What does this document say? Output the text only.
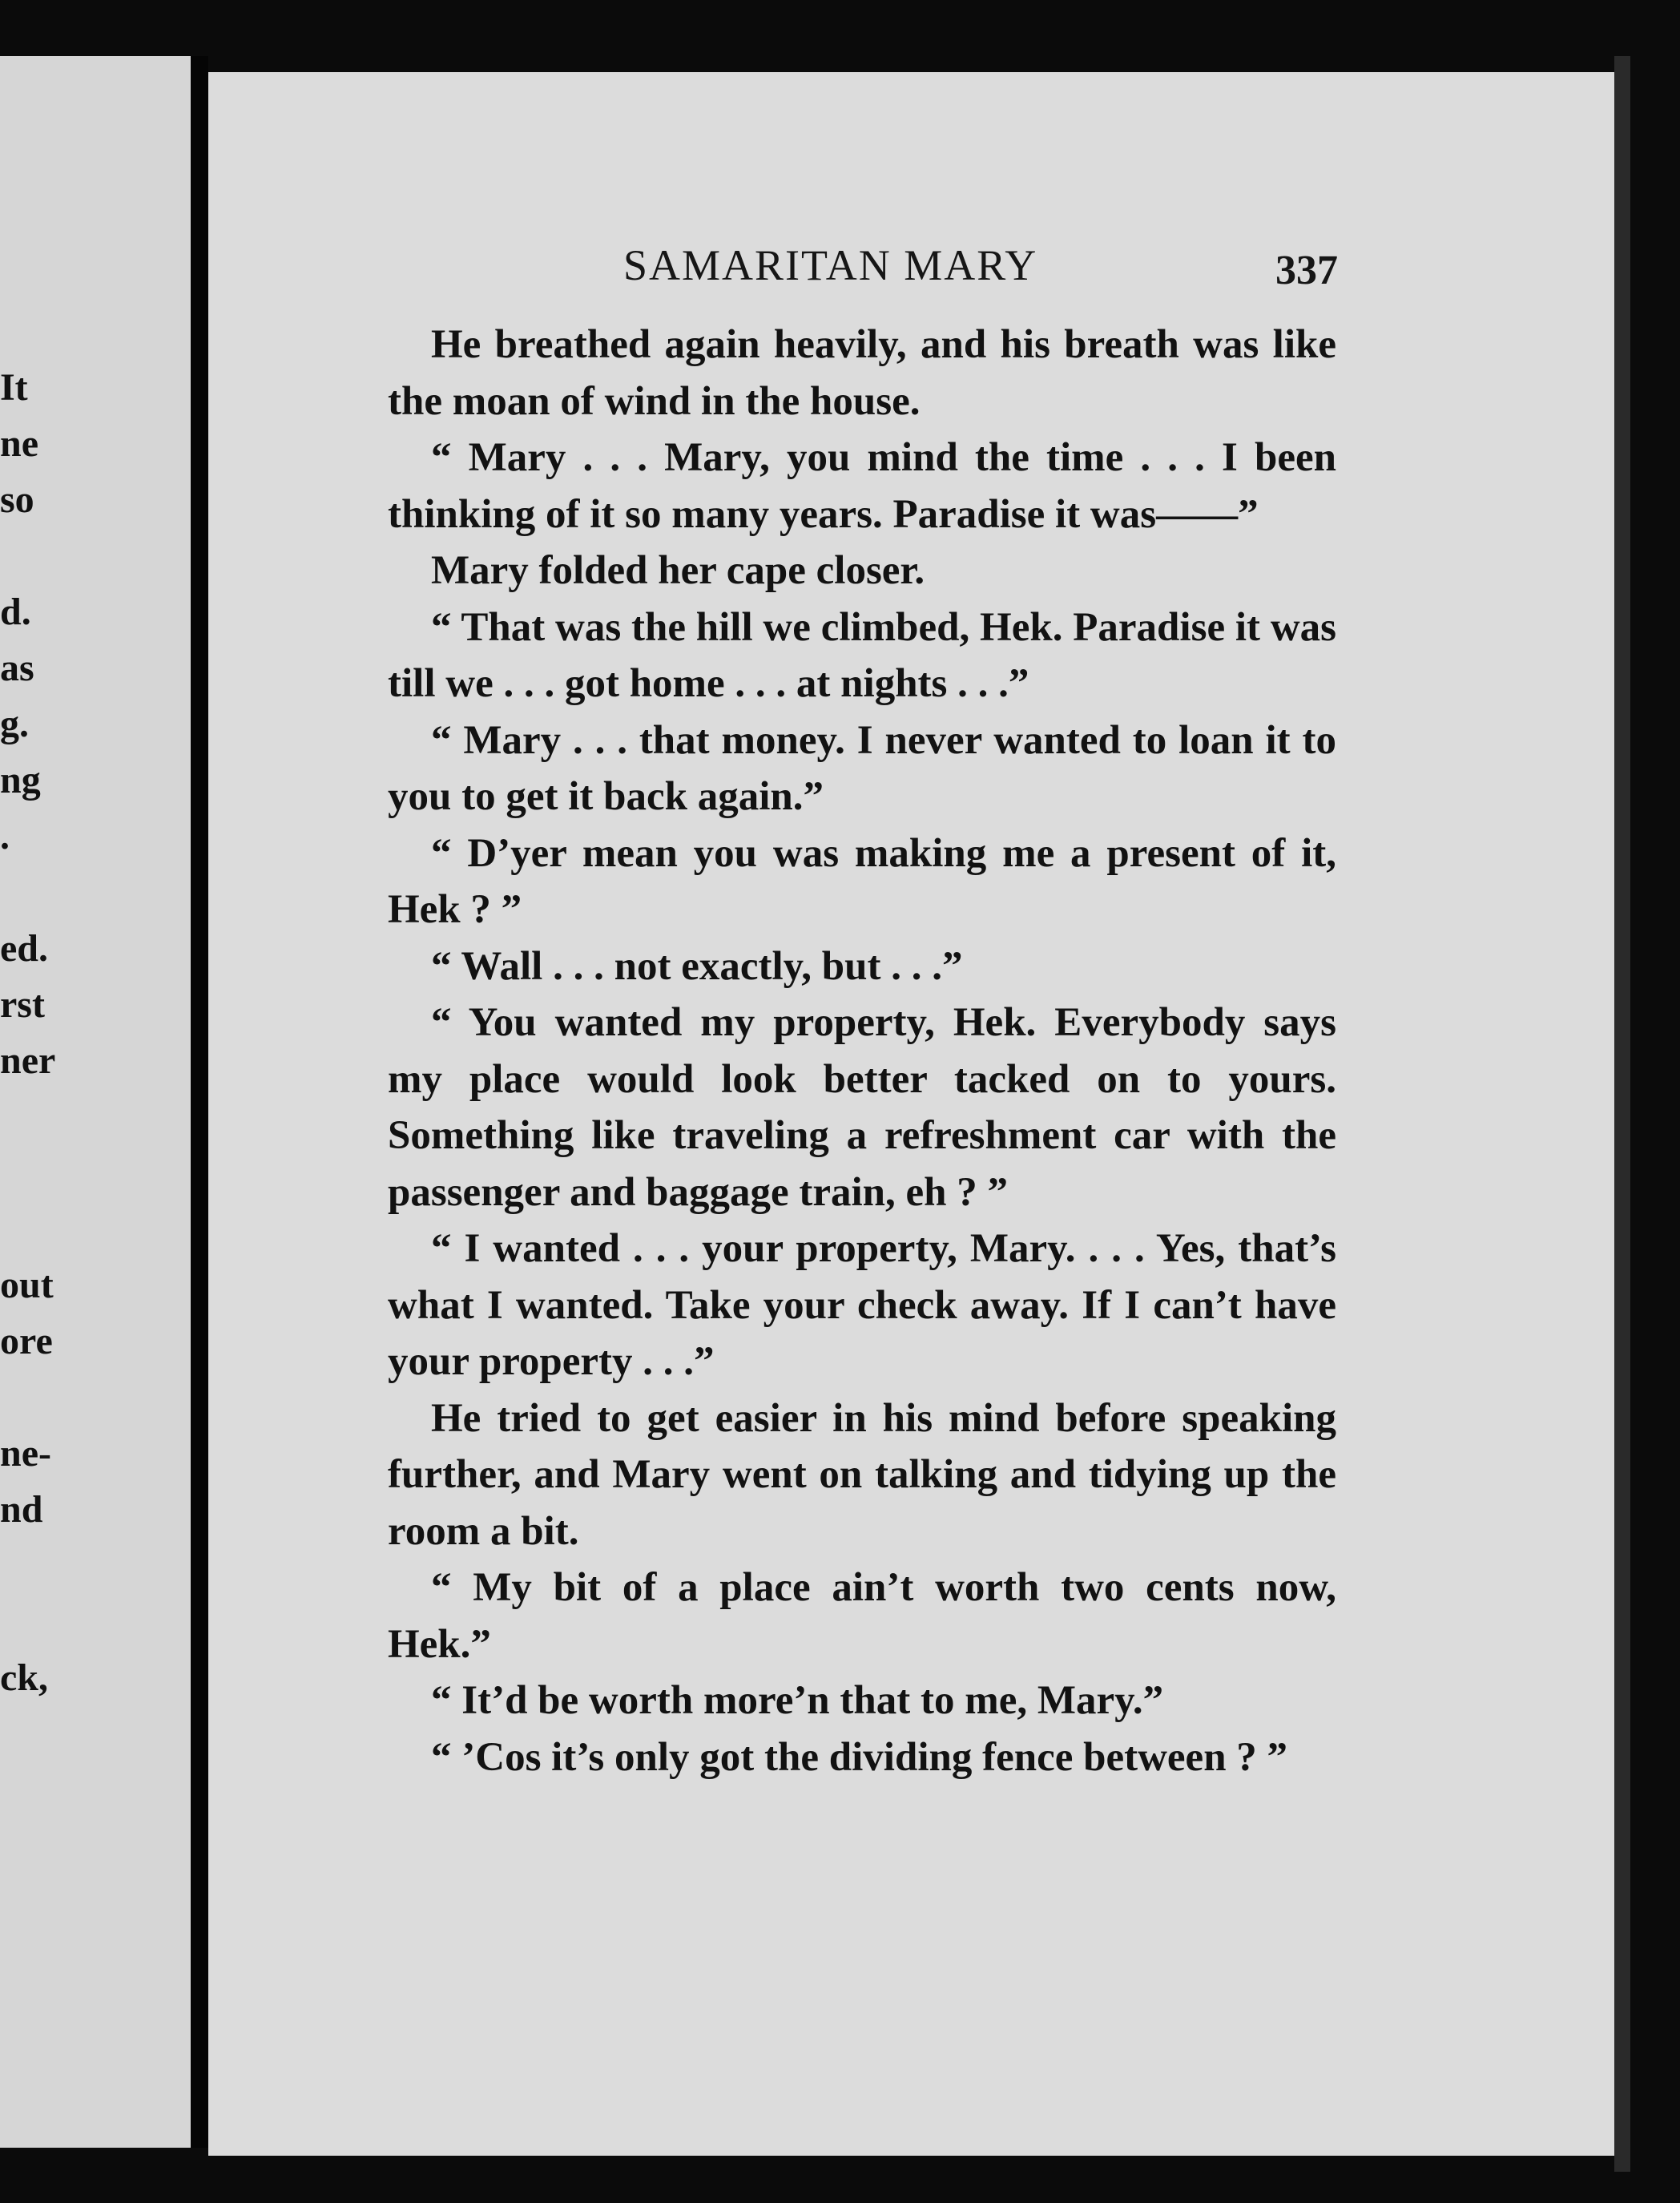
It
ne
so
d.
as
g.
ng
.
ed.
rst
ner
out
ore
ne-
nd
ck,
SAMARITAN MARY	337

He breathed again heavily, and his breath was like the moan of wind in the house.

“ Mary . . . Mary, you mind the time . . . I been thinking of it so many years. Paradise it was——”

Mary folded her cape closer.

“ That was the hill we climbed, Hek. Paradise it was till we . . . got home . . . at nights . . .”

“ Mary . . . that money. I never wanted to loan it to you to get it back again.”

“ D’yer mean you was making me a present of it, Hek ? ”

“ Wall . . . not exactly, but . . .”

“ You wanted my property, Hek. Everybody says my place would look better tacked on to yours. Something like traveling a refreshment car with the passenger and baggage train, eh ? ”

“ I wanted . . . your property, Mary. . . . Yes, that’s what I wanted. Take your check away. If I can’t have your property . . .”

He tried to get easier in his mind before speaking further, and Mary went on talking and tidying up the room a bit.

“ My bit of a place ain’t worth two cents now, Hek.”

“ It’d be worth more’n that to me, Mary.”

“ ’Cos it’s only got the dividing fence between ? ”
